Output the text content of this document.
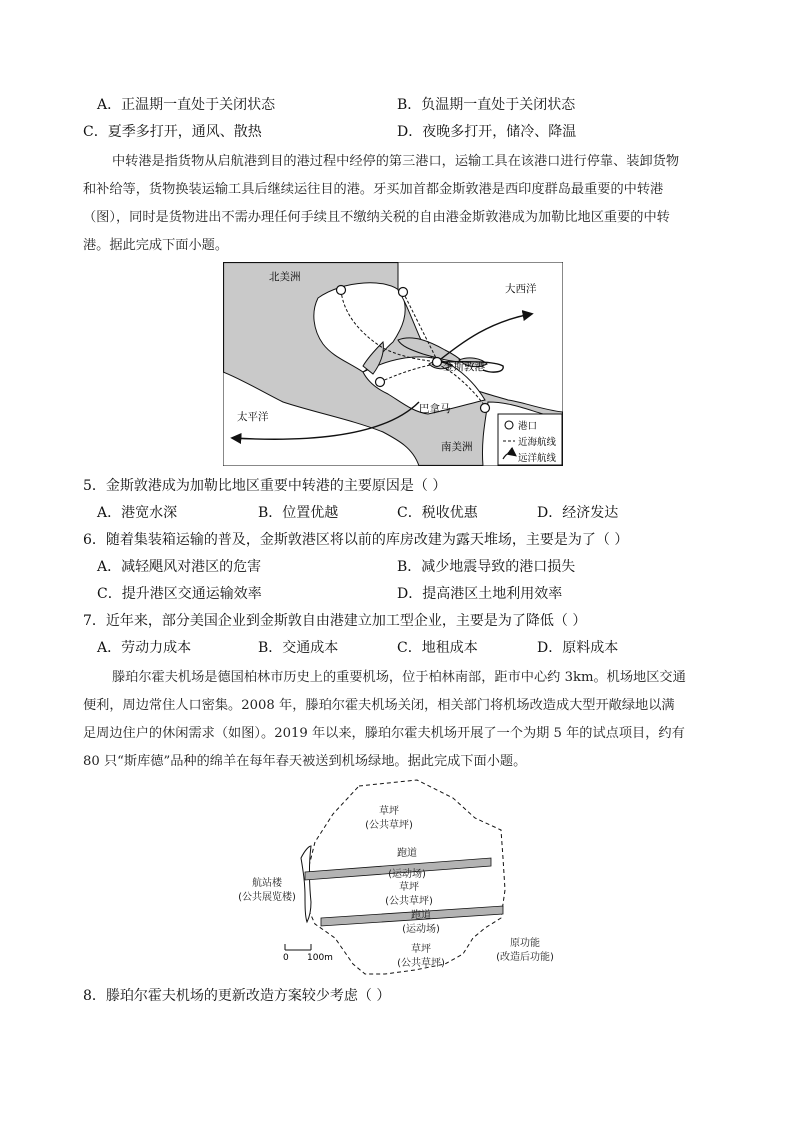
A．正温期一直处于关闭状态	B．负温期一直处于关闭状态
C．夏季多打开，通风、散热	D．夜晚多打开，储冷、降温
中转港是指货物从启航港到目的港过程中经停的第三港口，运输工具在该港口进行停靠、装卸货物
和补给等，货物换装运输工具后继续运往目的港。牙买加首都金斯敦港是西印度群岛最重要的中转港
（图），同时是货物进出不需办理任何手续且不缴纳关税的自由港金斯敦港成为加勒比地区重要的中转
港。据此完成下面小题。
北美洲
大西洋
金斯敦港
太平洋
巴拿马
南美洲
港口
近海航线
远洋航线
5．金斯敦港成为加勒比地区重要中转港的主要原因是（ ）
A．港宽水深	B．位置优越	C．税收优惠	D．经济发达
6．随着集装箱运输的普及，金斯敦港区将以前的库房改建为露天堆场，主要是为了（ ）
A．减轻飓风对港区的危害	B．减少地震导致的港口损失
C．提升港区交通运输效率	D．提高港区土地利用效率
7．近年来，部分美国企业到金斯敦自由港建立加工型企业，主要是为了降低（ ）
A．劳动力成本	B．交通成本	C．地租成本	D．原料成本
滕珀尔霍夫机场是德国柏林市历史上的重要机场，位于柏林南部，距市中心约 3km。机场地区交通
便利，周边常住人口密集。2008 年，滕珀尔霍夫机场关闭，相关部门将机场改造成大型开敞绿地以满
足周边住户的休闲需求（如图）。2019 年以来，滕珀尔霍夫机场开展了一个为期 5 年的试点项目，约有
80 只“斯库德”品种的绵羊在每年春天被送到机场绿地。据此完成下面小题。
草坪
(公共草坪)
跑道
(运动场)
草坪
(公共草坪)
跑道
(运动场)
草坪
(公共草坪)
航站楼
(公共展览楼)
原功能
(改造后功能)
0 100m
8．滕珀尔霍夫机场的更新改造方案较少考虑（ ）
